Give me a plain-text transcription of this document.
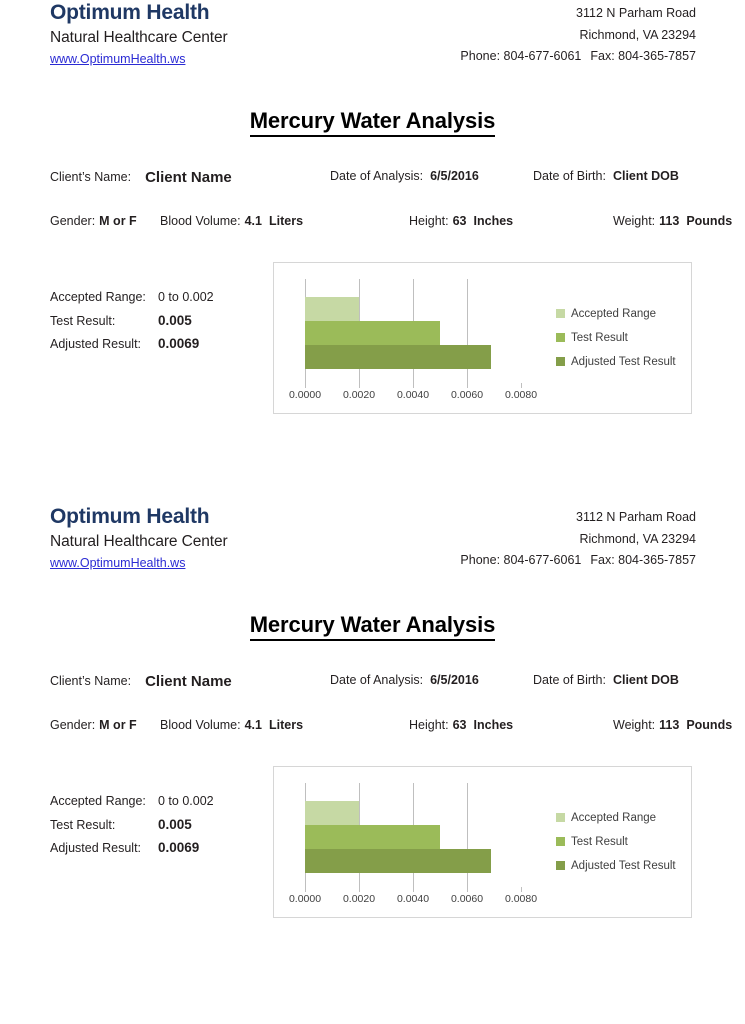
Optimum Health
Natural Healthcare Center
www.OptimumHealth.ws
3112 N Parham Road
Richmond, VA 23294
Phone: 804-677-6061 Fax: 804-365-7857
Mercury Water Analysis
Client’s Name: Client Name	Date of Analysis: 6/5/2016	Date of Birth: Client DOB
Gender: M or F Blood Volume: 4.1 Liters	Height: 63 Inches	Weight: 113 Pounds
Accepted Range: 0 to 0.002
Test Result:	0.005
Adjusted Result: 0.0069
0.0000 0.0020 0.0040 0.0060 0.0080
Accepted Range
Test Result
Adjusted Test Result
Optimum Health
Natural Healthcare Center
www.OptimumHealth.ws
3112 N Parham Road
Richmond, VA 23294
Phone: 804-677-6061 Fax: 804-365-7857
Mercury Water Analysis
Client’s Name: Client Name	Date of Analysis: 6/5/2016	Date of Birth: Client DOB
Gender: M or F Blood Volume: 4.1 Liters	Height: 63 Inches	Weight: 113 Pounds
Accepted Range: 0 to 0.002
Test Result:	0.005
Adjusted Result: 0.0069
0.0000 0.0020 0.0040 0.0060 0.0080
Accepted Range
Test Result
Adjusted Test Result
